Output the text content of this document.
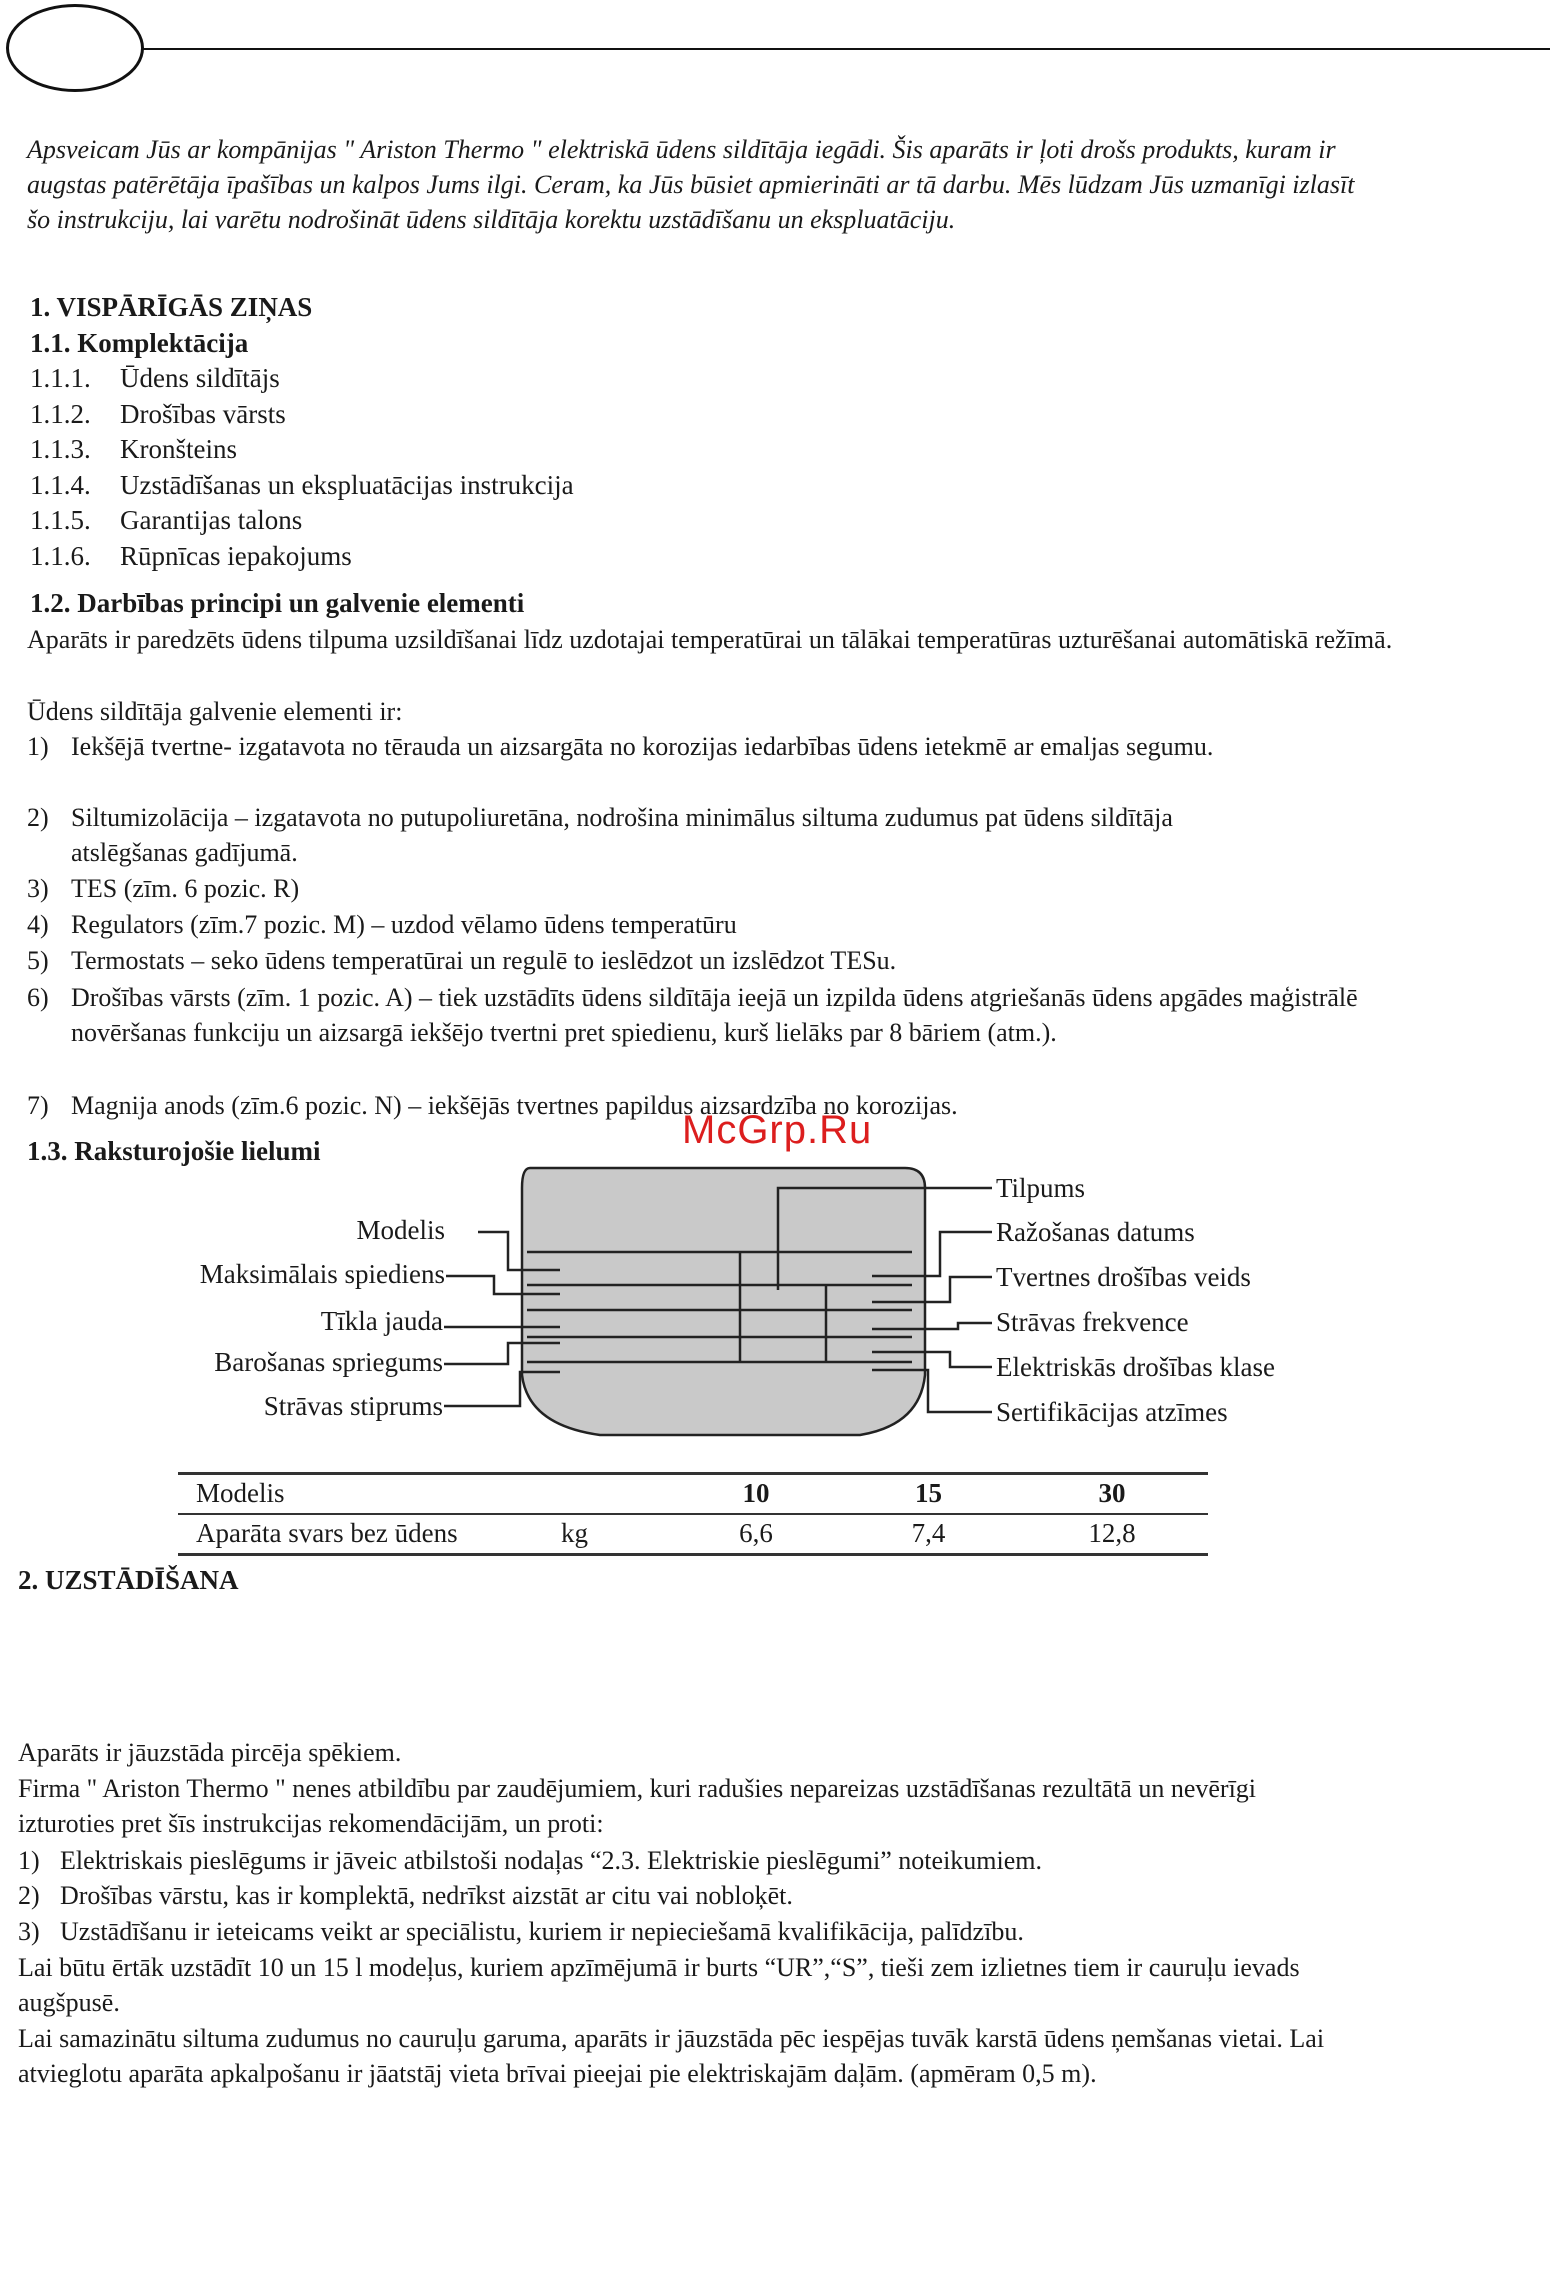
Apsveicam Jūs ar kompānijas " Ariston Thermo " elektriskā ūdens sildītāja iegādi. Šis aparāts ir ļoti drošs produkts, kuram ir augstas patērētāja īpašības un kalpos Jums ilgi. Ceram, ka Jūs būsiet apmierināti ar tā darbu. Mēs lūdzam Jūs uzmanīgi izlasīt šo instrukciju, lai varētu nodrošināt ūdens sildītāja korektu uzstādīšanu un ekspluatāciju.
1. VISPĀRĪGĀS ZIŅAS
1.1. Komplektācija
1.1.1. Ūdens sildītājs
1.1.2. Drošības vārsts
1.1.3. Kronšteins
1.1.4. Uzstādīšanas un ekspluatācijas instrukcija
1.1.5. Garantijas talons
1.1.6. Rūpnīcas iepakojums
1.2. Darbības principi un galvenie elementi
Aparāts ir paredzēts ūdens tilpuma uzsildīšanai līdz uzdotajai temperatūrai un tālākai temperatūras uzturēšanai automātiskā režīmā.
Ūdens sildītāja galvenie elementi ir:
1) Iekšējā tvertne- izgatavota no tērauda un aizsargāta no korozijas iedarbības ūdens ietekmē ar emaljas segumu.
2) Siltumizolācija – izgatavota no putupoliuretāna, nodrošina minimālus siltuma zudumus pat ūdens sildītāja atslēgšanas gadījumā.
3) TES (zīm. 6 pozic. R)
4) Regulators (zīm.7 pozic. M) – uzdod vēlamo ūdens temperatūru
5) Termostats – seko ūdens temperatūrai un regulē to ieslēdzot un izslēdzot TESu.
6) Drošības vārsts (zīm. 1 pozic. A) – tiek uzstādīts ūdens sildītāja ieejā un izpilda ūdens atgriešanās ūdens apgādes maģistrālē novēršanas funkciju un aizsargā iekšējo tvertni pret spiedienu, kurš lielāks par 8 bāriem (atm.).
7) Magnija anods (zīm.6 pozic. N) – iekšējās tvertnes papildus aizsardzība no korozijas.
McGrp.Ru
1.3. Raksturojošie lielumi
Modelis
Maksimālais spiediens
Tīkla jauda
Barošanas spriegums
Strāvas stiprums
Tilpums
Ražošanas datums
Tvertnes drošības veids
Strāvas frekvence
Elektriskās drošības klase
Sertifikācijas atzīmes
Modelis		10	15	30
Aparāta svars bez ūdens	kg	6,6	7,4	12,8
2. UZSTĀDĪŠANA
Aparāts ir jāuzstāda pircēja spēkiem.
Firma " Ariston Thermo " nenes atbildību par zaudējumiem, kuri radušies nepareizas uzstādīšanas rezultātā un nevērīgi izturoties pret šīs instrukcijas rekomendācijām, un proti:
1) Elektriskais pieslēgums ir jāveic atbilstoši nodaļas “2.3. Elektriskie pieslēgumi” noteikumiem.
2) Drošības vārstu, kas ir komplektā, nedrīkst aizstāt ar citu vai nobloķēt.
3) Uzstādīšanu ir ieteicams veikt ar speciālistu, kuriem ir nepieciešamā kvalifikācija, palīdzību.
Lai būtu ērtāk uzstādīt 10 un 15 l modeļus, kuriem apzīmējumā ir burts “UR”,“S”, tieši zem izlietnes tiem ir cauruļu ievads augšpusē.
Lai samazinātu siltuma zudumus no cauruļu garuma, aparāts ir jāuzstāda pēc iespējas tuvāk karstā ūdens ņemšanas vietai. Lai atvieglotu aparāta apkalpošanu ir jāatstāj vieta brīvai pieejai pie elektriskajām daļām. (apmēram 0,5 m).
